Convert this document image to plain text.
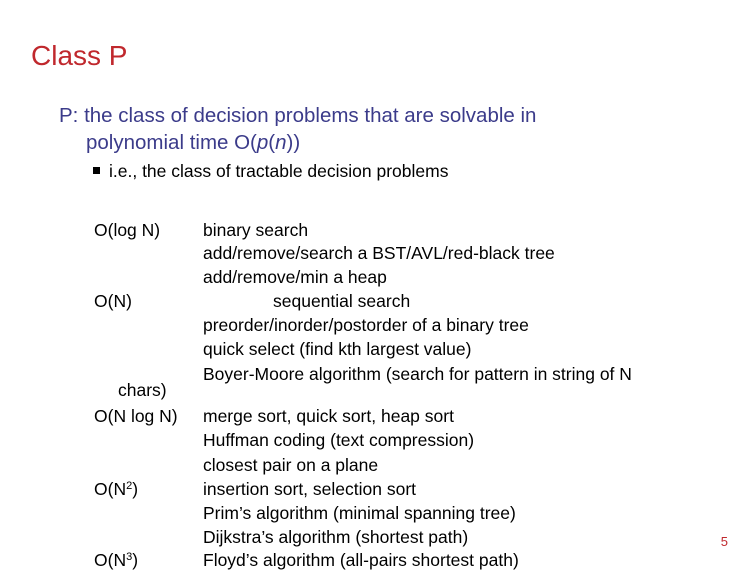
Class P
P: the class of decision problems that are solvable in
polynomial time O(p(n))
i.e., the class of tractable decision problems
O(log N)
O(N)
chars)
O(N log N)
$O(N^2)$
$O(N^3)$
binary search
add/remove/search a BST/AVL/red-black tree
add/remove/min a heap
sequential search
preorder/inorder/postorder of a binary tree
quick select (find kth largest value)
Boyer-Moore algorithm (search for pattern in string of N
merge sort, quick sort, heap sort
Huffman coding (text compression)
closest pair on a plane
insertion sort, selection sort
Prim’s algorithm (minimal spanning tree)
Dijkstra’s algorithm (shortest path)
Floyd’s algorithm (all-pairs shortest path)
5
